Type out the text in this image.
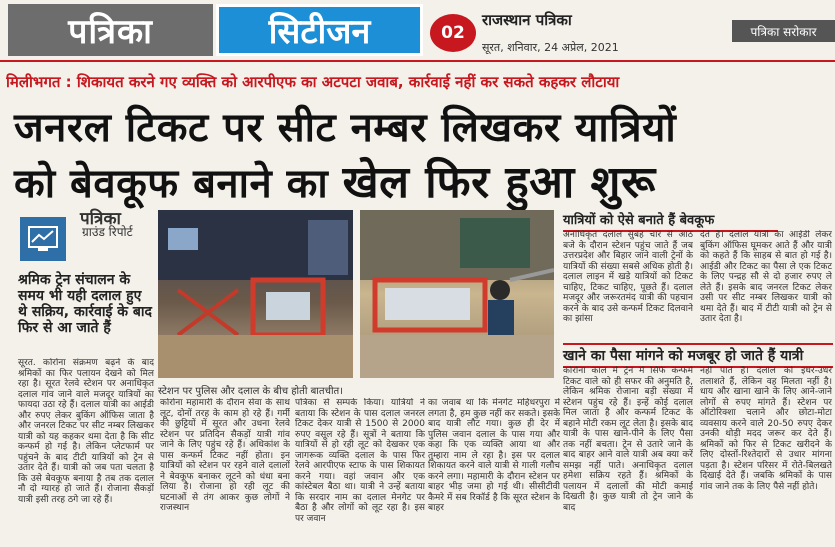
पत्रिका	सिटीजन	02
राजस्थान पत्रिका
सूरत, शनिवार, 24 अप्रेल, 2021
पत्रिका सरोकार
मिलीभगत : शिकायत करने गए व्यक्ति को आरपीएफ का अटपटा जवाब, कार्रवाई नहीं कर सकते कहकर लौटाया
जनरल टिकट पर सीट नम्बर लिखकर यात्रियों
को बेवकूफ बनाने का खेल फिर हुआ शुरू
पत्रिका
ग्राउंड रिपोर्ट
श्रमिक ट्रेन संचालन के समय भी यही दलाल हुए थे सक्रिय, कार्रवाई के बाद फिर से आ जाते हैं
स्टेशन पर पुलिस और दलाल के बीच होती बातचीत।
सूरत. कोरोना संक्रमण बढ़ने के बाद श्रमिकों का फिर पलायन देखने को मिल रहा है। सूरत रेलवे स्टेशन पर अनाधिकृत दलाल गांव जाने वाले मजदूर यात्रियों का फायदा उठा रहे हैं। दलाल यात्री का आईडी और रुपए लेकर बुकिंग ऑफिस जाता है और जनरल टिकट पर सीट नम्बर लिखकर यात्री को यह कहकर थमा देता है कि सीट कन्फर्म हो गई है। लेकिन प्लेटफार्म पर पहुंचने के बाद टीटी यात्रियों को ट्रेन से उतार देते हैं। यात्री को जब पता चलता है कि उसे बेवकूफ बनाया है तब तक दलाल नौ दो ग्यारह हो जाते हैं। रोजाना सैकड़ों यात्री इसी तरह ठगे जा रहे हैं।
कोरोना महामारी के दौरान सेवा के साथ लूट, दोनों तरह के काम हो रहे हैं। गर्मी की छुट्टियों में सूरत और उधना रेलवे स्टेशन पर प्रतिदिन सैकड़ों यात्री गांव जाने के लिए पहुंच रहे हैं। अधिकांश के पास कन्फर्म टिकट नहीं होता। इन यात्रियों को स्टेशन पर रहने वाले दलालों ने बेवकूफ बनाकर लूटने को धंधा बना लिया है। रोजाना हो रही लूट की घटनाओं से तंग आकर कुछ लोगों ने राजस्थान
पत्रिका से सम्पर्क किया। यात्रियों ने बताया कि स्टेशन के पास दलाल जनरल टिकट देकर यात्री से 1500 से 2000 रुपए वसूल रहे हैं। सूत्रों ने बताया कि यात्रियों से हो रही लूट को देखकर एक जागरूक व्यक्ति दलाल के पास फिर रेलवे आरपीएफ स्टाफ के पास शिकायत करने गया। वहां जवान और एक कांस्टेबल बैठा था। यात्री ने उन्हें बताया कि सरदार नाम का दलाल मेनगेट पर बैठा है और लोगों को लूट रहा है। इस पर जवान
का जवाब था कि मेनगेट महिधरपुरा में लगता है, हम कुछ नहीं कर सकते। इसके बाद यात्री लौट गया। कुछ ही देर में पुलिस जवान दलाल के पास गया और कहा कि एक व्यक्ति आया था और तुम्हारा नाम ले रहा है। इस पर दलाल शिकायत करने वाले यात्री से गाली गलौच करने लगा। महामारी के दौरान स्टेशन पर बाहर भीड़ जमा हो गई थी। सीसीटीवी कैमरे में सब रिकॉर्ड है कि सूरत स्टेशन के बाहर
यात्रियों को ऐसे बनाते हैं बेवकूफ
अनाधिकृत दलाल सुबह चार से आठ बजे के दौरान स्टेशन पहुंच जाते हैं जब उत्तरप्रदेश और बिहार जाने वाली ट्रेनों के यात्रियों की संख्या सबसे अधिक होती है। दलाल लाइन में खड़े यात्रियों को टिकट चाहिए, टिकट चाहिए, पूछते हैं। दलाल मजदूर और जरूरतमंद यात्री की पहचान करने के बाद उसे कन्फर्म टिकट दिलवाने का झांसा
देते हैं। दलाल यात्री का आईडी लेकर बुकिंग ऑफिस घूमकर आते हैं और यात्री को कहते हैं कि साहब से बात हो गई है। आईडी और टिकट का पैसा ले एक टिकट के लिए पन्द्रह सौ से दो हजार रुपए ले लेते हैं। इसके बाद जनरल टिकट लेकर उसी पर सीट नम्बर लिखकर यात्री को थमा देते हैं। बाद में टीटी यात्री को ट्रेन से उतार देता है।
खाने का पैसा मांगने को मजबूर हो जाते हैं यात्री
कोरोना काल में ट्रेन में सिर्फ कन्फर्म टिकट वाले को ही सफर की अनुमति है, लेकिन श्रमिक रोजाना बड़ी संख्या में स्टेशन पहुंच रहे हैं। इन्हें कोई दलाल मिल जाता है और कन्फर्म टिकट के बहाने मोटी रकम लूट लेता है। इसके बाद यात्री के पास खाने-पीने के लिए पैसा तक नहीं बचता। ट्रेन से उतारे जाने के बाद बाहर आने वाले यात्री अब क्या करें समझ नहीं पाते। अनाधिकृत दलाल हमेशा सक्रिय रहते हैं। श्रमिकों के पलायन में दलालों की मोटी कमाई दिखती है। कुछ यात्री तो ट्रेन जाने के बाद
नहीं पाते हैं। दलाल को इधर-उधर तलाशते हैं, लेकिन वह मिलता नहीं है। धाय और खाना खाने के लिए आने-जाने लोगों से रुपए मांगते हैं। स्टेशन पर ऑटोरिक्शा चलाने और छोटा-मोटा व्यवसाय करने वाले 20-50 रुपए देकर उनकी थोड़ी मदद जरूर कर देते हैं। श्रमिकों को फिर से टिकट खरीदने के लिए दोस्तों-रिश्तेदारों से उधार मांगना पड़ता है। स्टेशन परिसर में रोते-बिलखते दिखाई देते हैं। जबकि श्रमिकों के पास गांव जाने तक के लिए पैसे नहीं होते।
